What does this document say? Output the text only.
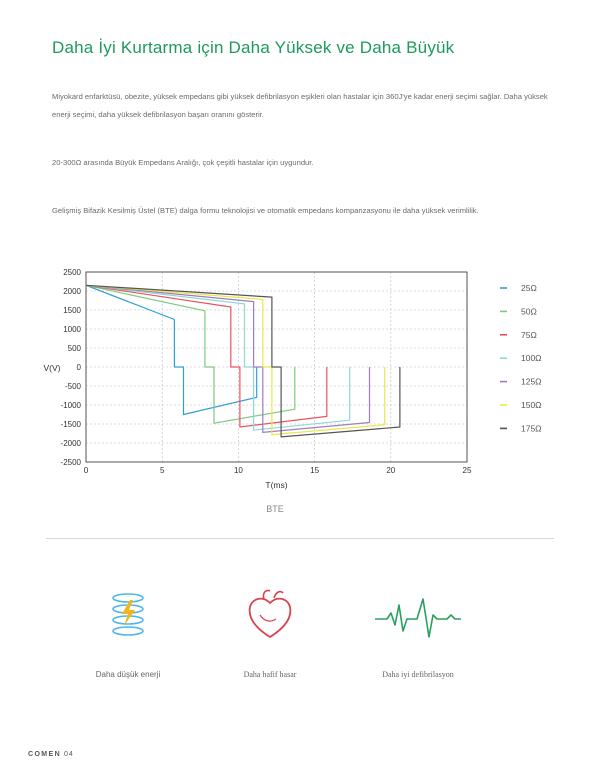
Daha İyi Kurtarma için Daha Yüksek ve Daha Büyük
Miyokard enfarktüsü, obezite, yüksek empedans gibi yüksek defibrilasyon eşikleri olan hastalar için 360J'ye kadar enerji seçimi sağlar. Daha yüksek enerji seçimi, daha yüksek defibrilasyon başarı oranını gösterir.
20-300Ω arasında Büyük Empedans Aralığı, çok çeşitli hastalar için uygundur.
Gelişmiş Bifazik Kesilmiş Üstel (BTE) dalga formu teknolojisi ve otomatik empedans kompanzasyonu ile daha yüksek verimlilik.
2500
2000
1500
1000
500
0
-500
-1000
-1500
-2000
-2500
0	5	10	15	20	25
V(V)
T(ms)
25Ω
50Ω
75Ω
100Ω
125Ω
150Ω
175Ω
BTE
Daha düşük enerji	Daha hafif hasar	Daha iyi defibrilasyon
COMEN 04
